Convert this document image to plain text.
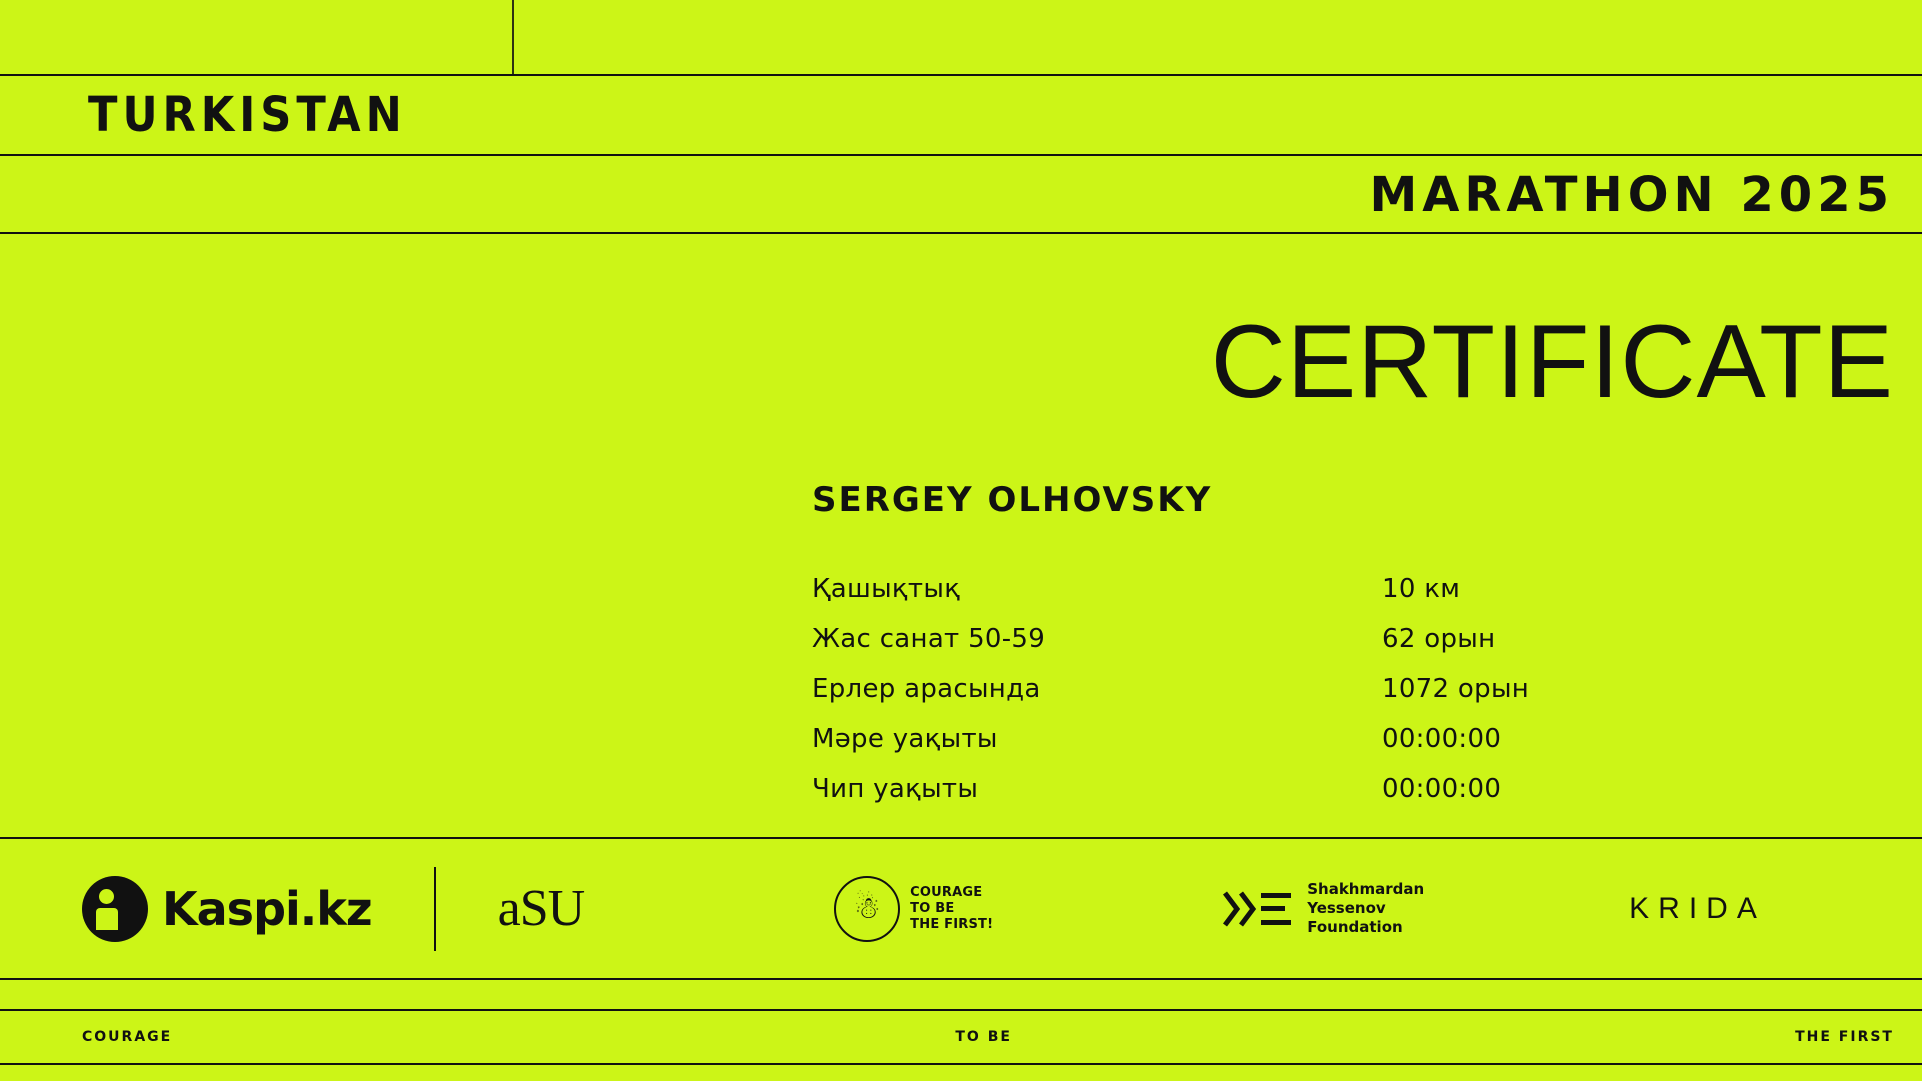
TURKISTAN
MARATHON 2025
CERTIFICATE
SERGEY OLHOVSKY
Қашықтық	10 км
Жас санат 50-59	62 орын
Ерлер арасында	1072 орын
Мәре уақыты	00:00:00
Чип уақыты	00:00:00
Kaspi.kz aSU	☃ COURAGE
TO BE
THE FIRST!
Shakhmardan
Yessenov
Foundation
KRIDA
COURAGE	TO BE	THE FIRST
